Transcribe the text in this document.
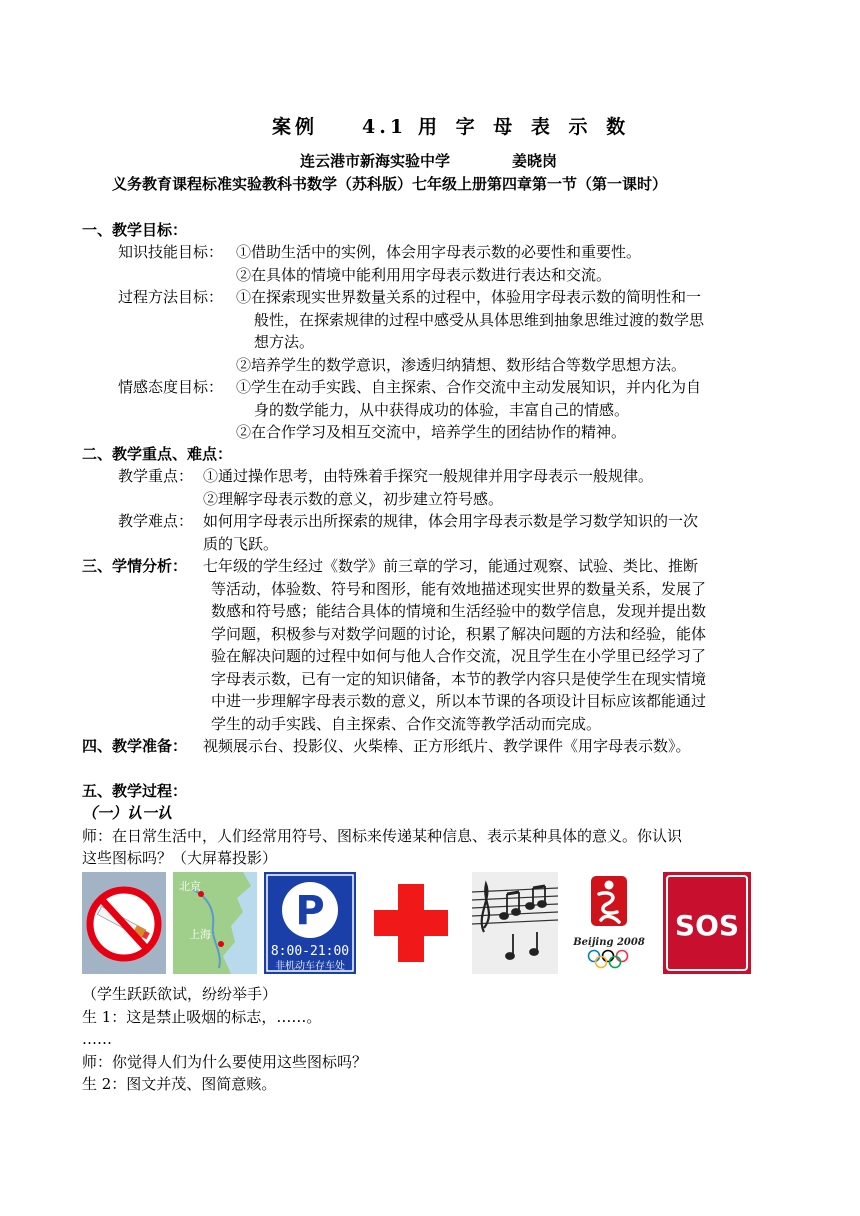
案例 4.1 用 字 母 表 示 数
连云港市新海实验中学	姜晓岗
义务教育课程标准实验教科书数学（苏科版）七年级上册第四章第一节（第一课时）
一、教学目标：
知识技能目标： ①借助生活中的实例，体会用字母表示数的必要性和重要性。
②在具体的情境中能利用用字母表示数进行表达和交流。
过程方法目标： ①在探索现实世界数量关系的过程中，体验用字母表示数的简明性和一
般性，在探索规律的过程中感受从具体思维到抽象思维过渡的数学思
想方法。
②培养学生的数学意识，渗透归纳猜想、数形结合等数学思想方法。
情感态度目标： ①学生在动手实践、自主探索、合作交流中主动发展知识，并内化为自
身的数学能力，从中获得成功的体验，丰富自己的情感。
②在合作学习及相互交流中，培养学生的团结协作的精神。
二、教学重点、难点：
教学重点： ①通过操作思考，由特殊着手探究一般规律并用字母表示一般规律。
②理解字母表示数的意义，初步建立符号感。
教学难点： 如何用字母表示出所探索的规律，体会用字母表示数是学习数学知识的一次
质的飞跃。
三、学情分析： 七年级的学生经过《数学》前三章的学习，能通过观察、试验、类比、推断
等活动，体验数、符号和图形，能有效地描述现实世界的数量关系，发展了
数感和符号感；能结合具体的情境和生活经验中的数学信息，发现并提出数
学问题，积极参与对数学问题的讨论，积累了解决问题的方法和经验，能体
验在解决问题的过程中如何与他人合作交流，况且学生在小学里已经学习了
字母表示数，已有一定的知识储备，本节的教学内容只是使学生在现实情境
中进一步理解字母表示数的意义，所以本节课的各项设计目标应该都能通过
学生的动手实践、自主探索、合作交流等教学活动而完成。
四、教学准备： 视频展示台、投影仪、火柴棒、正方形纸片、教学课件《用字母表示数》。
五、教学过程：
（一）认一认
师：在日常生活中，人们经常用符号、图标来传递某种信息、表示某种具体的意义。你认识
这些图标吗？（大屏幕投影）
北京
上海
P
8:00-21:00
非机动车存车处
Beijing 2008
SOS
（学生跃跃欲试，纷纷举手）
生 1：这是禁止吸烟的标志，……。
……
师：你觉得人们为什么要使用这些图标吗？
生 2：图文并茂、图简意赅。
